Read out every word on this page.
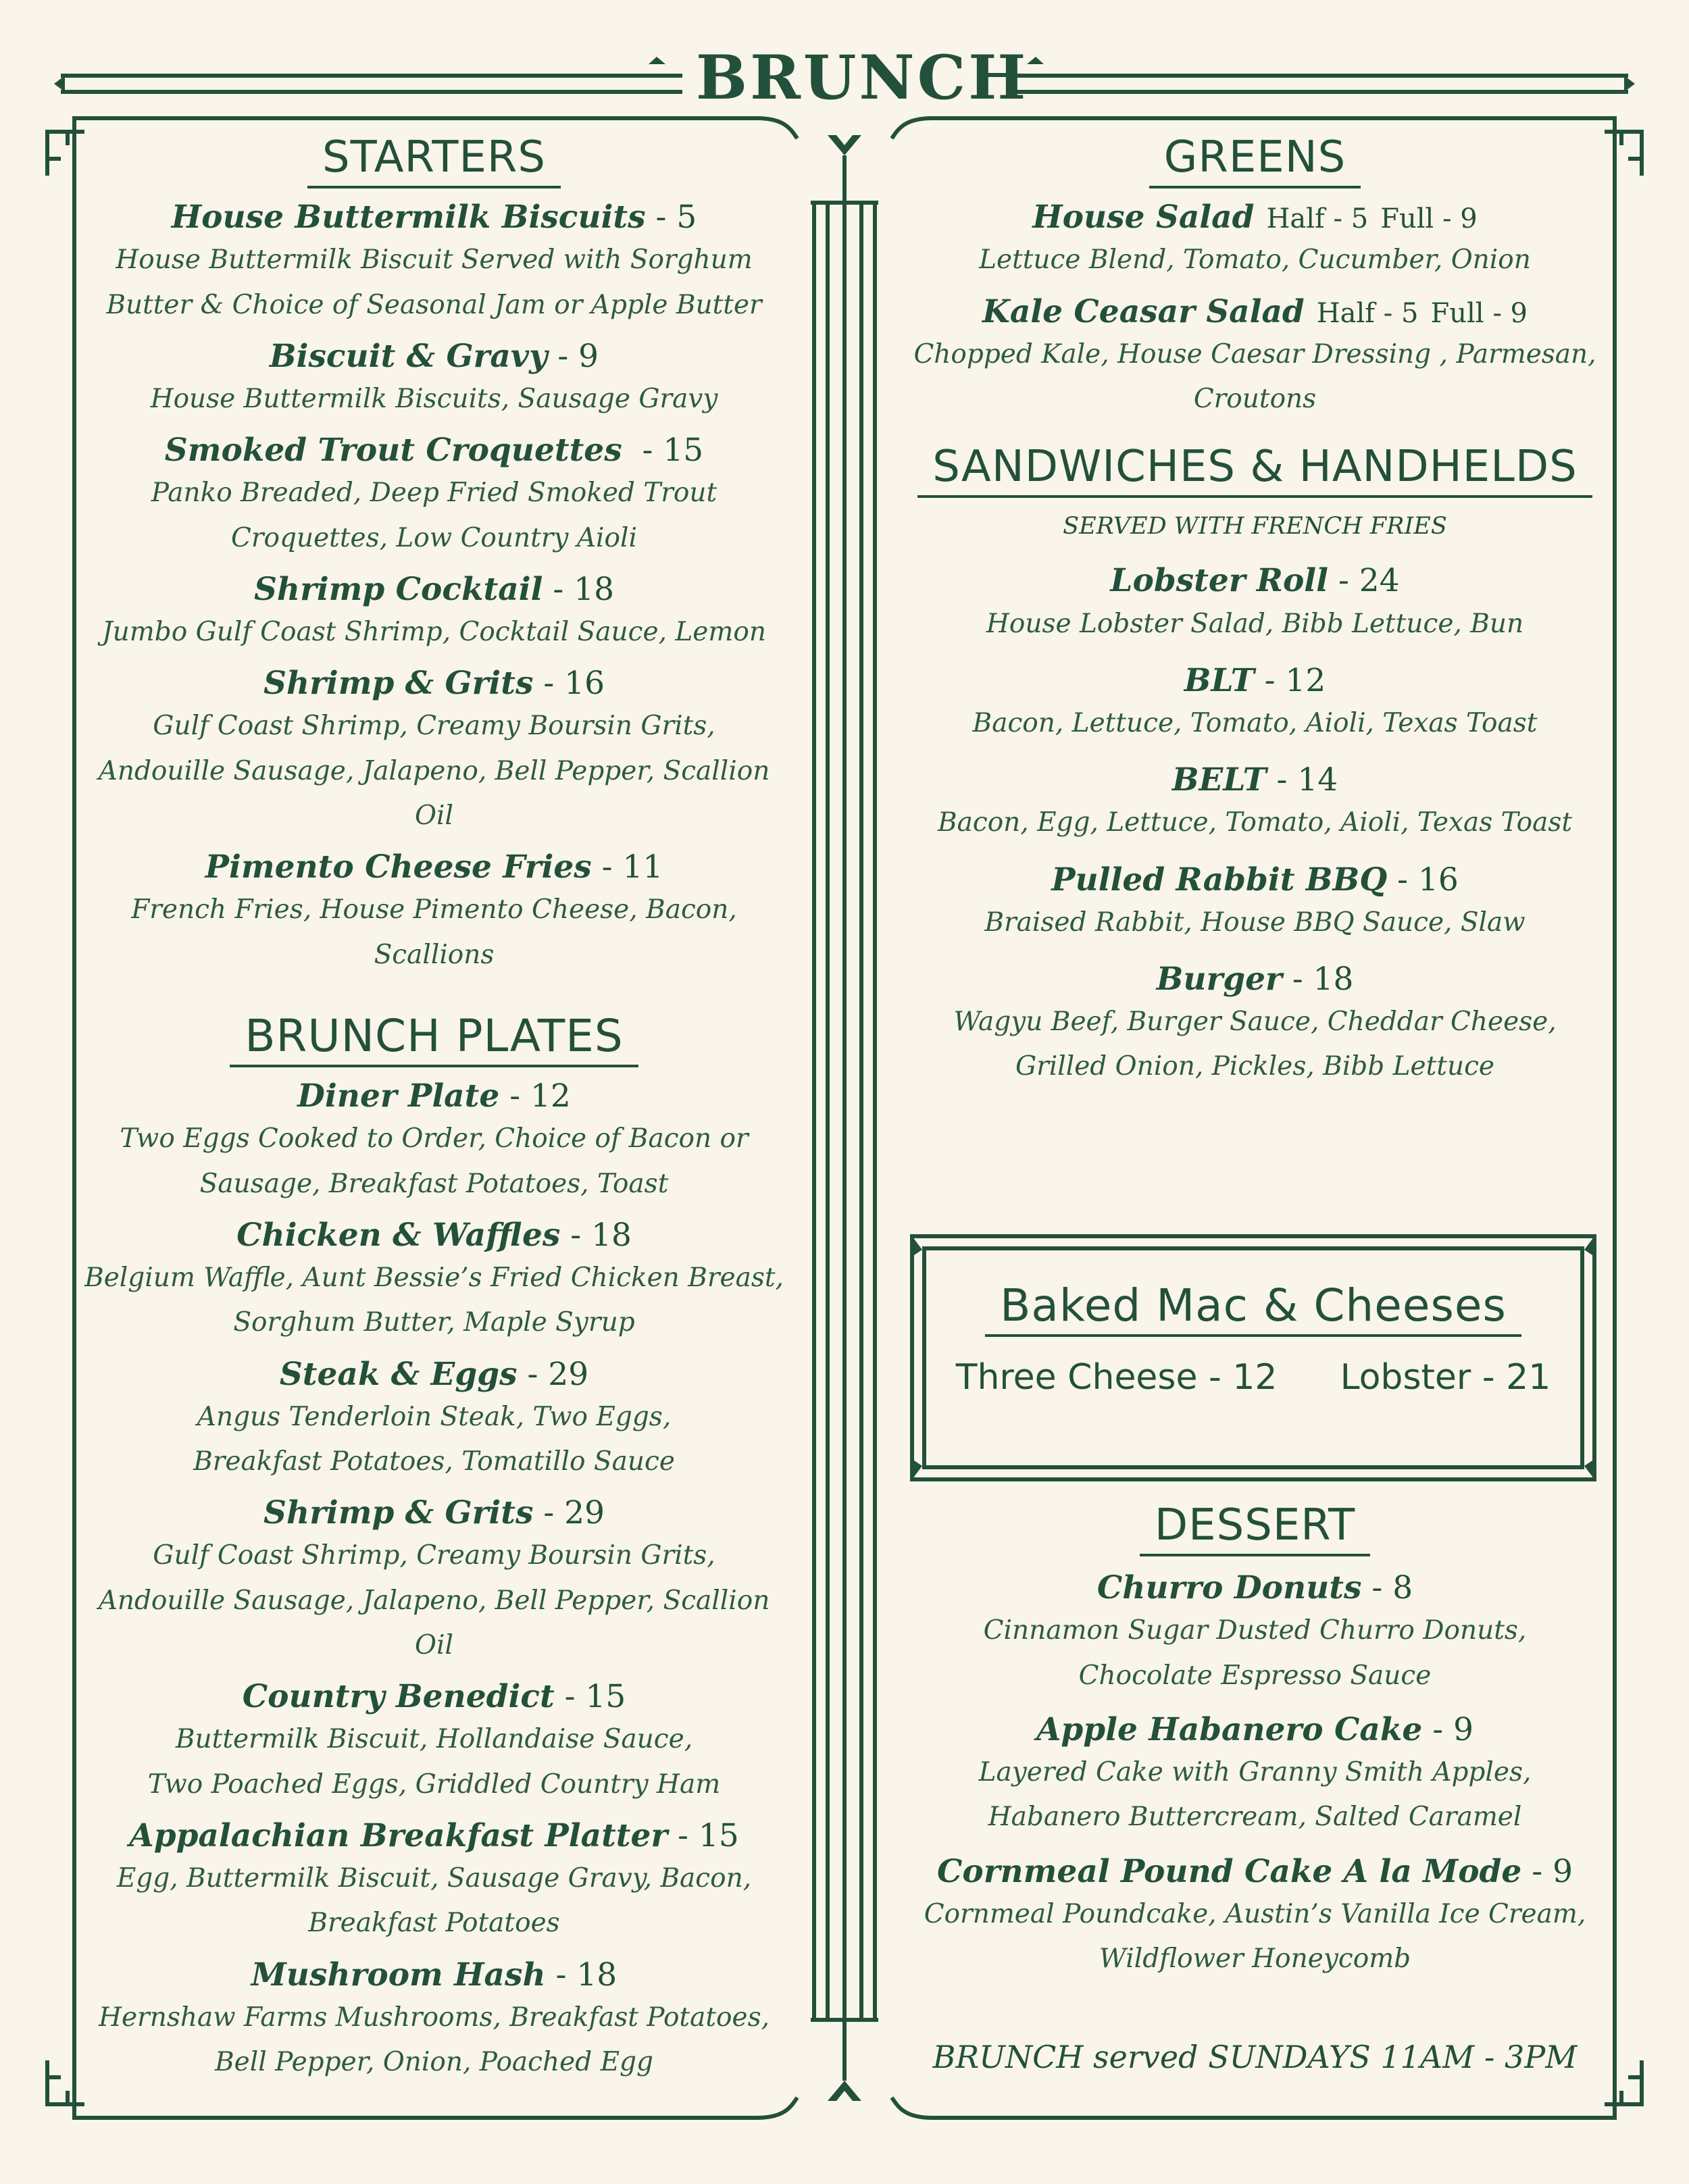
BRUNCH
STARTERS
House Buttermilk Biscuits - 5
House Buttermilk Biscuit Served with Sorghum
Butter & Choice of Seasonal Jam or Apple Butter
Biscuit & Gravy - 9
House Buttermilk Biscuits, Sausage Gravy
Smoked Trout Croquettes  - 15
Panko Breaded, Deep Fried Smoked Trout
Croquettes, Low Country Aioli
Shrimp Cocktail - 18
Jumbo Gulf Coast Shrimp, Cocktail Sauce, Lemon
Shrimp & Grits - 16
Gulf Coast Shrimp, Creamy Boursin Grits,
Andouille Sausage, Jalapeno, Bell Pepper, Scallion Oil
Pimento Cheese Fries - 11
French Fries, House Pimento Cheese, Bacon,
Scallions
BRUNCH PLATES
Diner Plate - 12
Two Eggs Cooked to Order, Choice of Bacon or
Sausage, Breakfast Potatoes, Toast
Chicken & Waffles - 18
Belgium Waffle, Aunt Bessie’s Fried Chicken Breast,
Sorghum Butter, Maple Syrup
Steak & Eggs - 29
Angus Tenderloin Steak, Two Eggs,
Breakfast Potatoes, Tomatillo Sauce
Shrimp & Grits - 29
Gulf Coast Shrimp, Creamy Boursin Grits,
Andouille Sausage, Jalapeno, Bell Pepper, Scallion Oil
Country Benedict - 15
Buttermilk Biscuit, Hollandaise Sauce,
Two Poached Eggs, Griddled Country Ham
Appalachian Breakfast Platter - 15
Egg, Buttermilk Biscuit, Sausage Gravy, Bacon,
Breakfast Potatoes
Mushroom Hash - 18
Hernshaw Farms Mushrooms, Breakfast Potatoes,
Bell Pepper, Onion, Poached Egg
GREENS
House Salad Half - 5 Full - 9
Lettuce Blend, Tomato, Cucumber, Onion
Kale Ceasar Salad Half - 5 Full - 9
Chopped Kale, House Caesar Dressing , Parmesan,
Croutons
SANDWICHES & HANDHELDS
SERVED WITH FRENCH FRIES
Lobster Roll - 24
House Lobster Salad, Bibb Lettuce, Bun
BLT - 12
Bacon, Lettuce, Tomato, Aioli, Texas Toast
BELT - 14
Bacon, Egg, Lettuce, Tomato, Aioli, Texas Toast
Pulled Rabbit BBQ - 16
Braised Rabbit, House BBQ Sauce, Slaw
Burger - 18
Wagyu Beef, Burger Sauce, Cheddar Cheese,
Grilled Onion, Pickles, Bibb Lettuce
Baked Mac & Cheeses
Three Cheese - 12 Lobster - 21
DESSERT
Churro Donuts - 8
Cinnamon Sugar Dusted Churro Donuts,
Chocolate Espresso Sauce
Apple Habanero Cake - 9
Layered Cake with Granny Smith Apples,
Habanero Buttercream, Salted Caramel
Cornmeal Pound Cake A la Mode - 9
Cornmeal Poundcake, Austin’s Vanilla Ice Cream,
Wildflower Honeycomb
BRUNCH served SUNDAYS 11AM - 3PM
